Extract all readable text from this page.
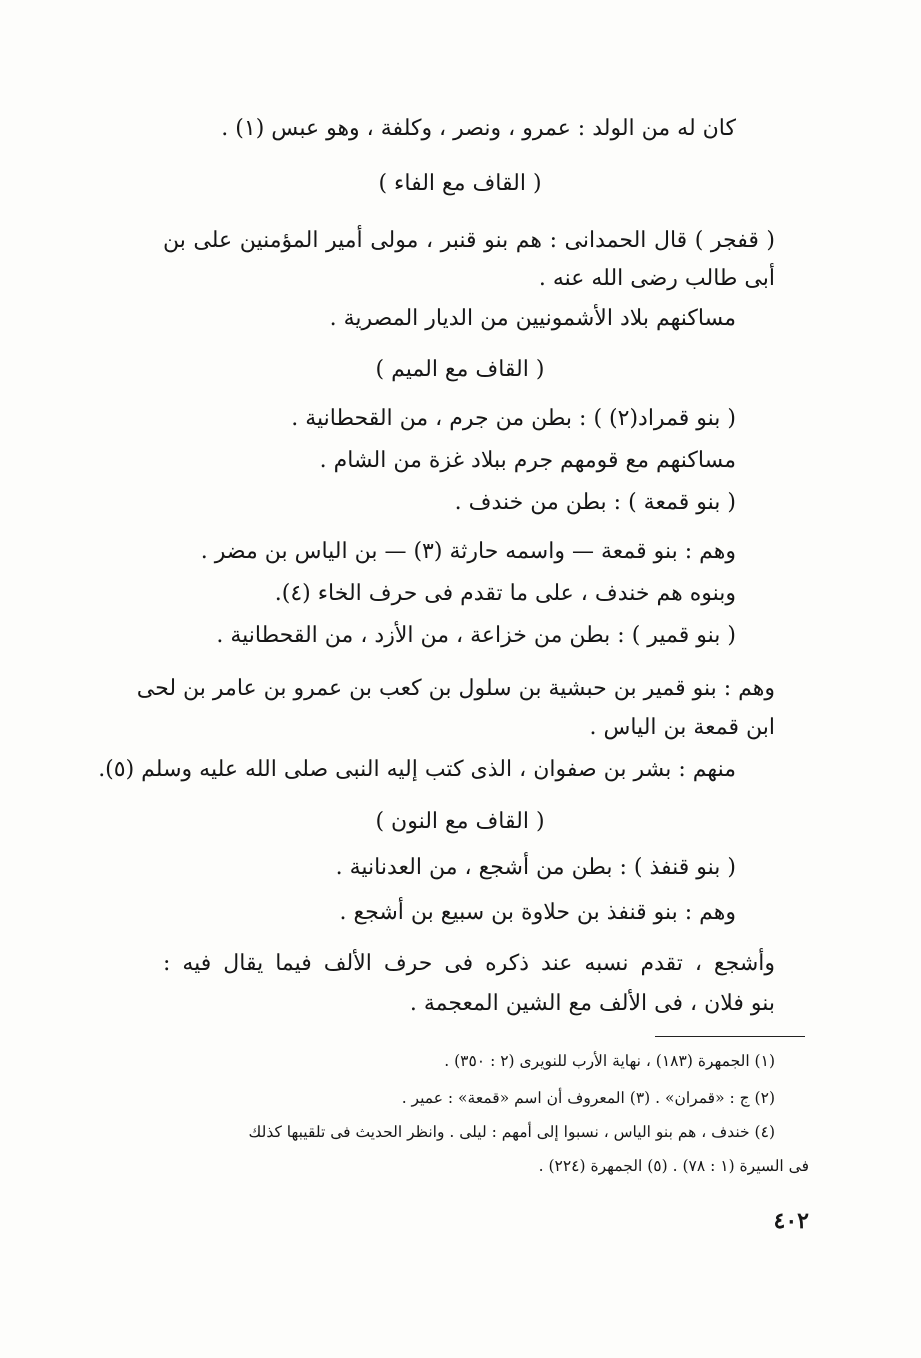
كان له من الولد : عمرو ، ونصر ، وكلفة ، وهو عبس (١) .
( القاف مع الفاء )
( قفجر ) قال الحمدانى : هم بنو قنبر ، مولى أمير المؤمنين على بن
أبى طالب رضى الله عنه .
مساكنهم بلاد الأشمونيين من الديار المصرية .
( القاف مع الميم )
( بنو قمراد(٢) ) : بطن من جرم ، من القحطانية .
مساكنهم مع قومهم جرم ببلاد غزة من الشام .
( بنو قمعة ) : بطن من خندف .
وهم : بنو قمعة — واسمه حارثة (٣) — بن الياس بن مضر .
وبنوه هم خندف ، على ما تقدم فى حرف الخاء (٤).
( بنو قمير ) : بطن من خزاعة ، من الأزد ، من القحطانية .
وهم : بنو قمير بن حبشية بن سلول بن كعب بن عمرو بن عامر بن لحى
ابن قمعة بن الياس .
منهم : بشر بن صفوان ، الذى كتب إليه النبى صلى الله عليه وسلم (٥).
( القاف مع النون )
( بنو قنفذ ) : بطن من أشجع ، من العدنانية .
وهم : بنو قنفذ بن حلاوة بن سبيع بن أشجع .
وأشجع ، تقدم نسبه عند ذكره فى حرف الألف فيما يقال فيه :
بنو فلان ، فى الألف مع الشين المعجمة .
(١) الجمهرة (١٨٣) ، نهاية الأرب للنويرى (٢ : ٣٥٠) .
(٢) ج : «قمران» . (٣) المعروف أن اسم «قمعة» : عمير .
(٤) خندف ، هم بنو الياس ، نسبوا إلى أمهم : ليلى . وانظر الحديث فى تلقيبها كذلك
فى السيرة (١ : ٧٨) . (٥) الجمهرة (٢٢٤) .
٤٠٢
